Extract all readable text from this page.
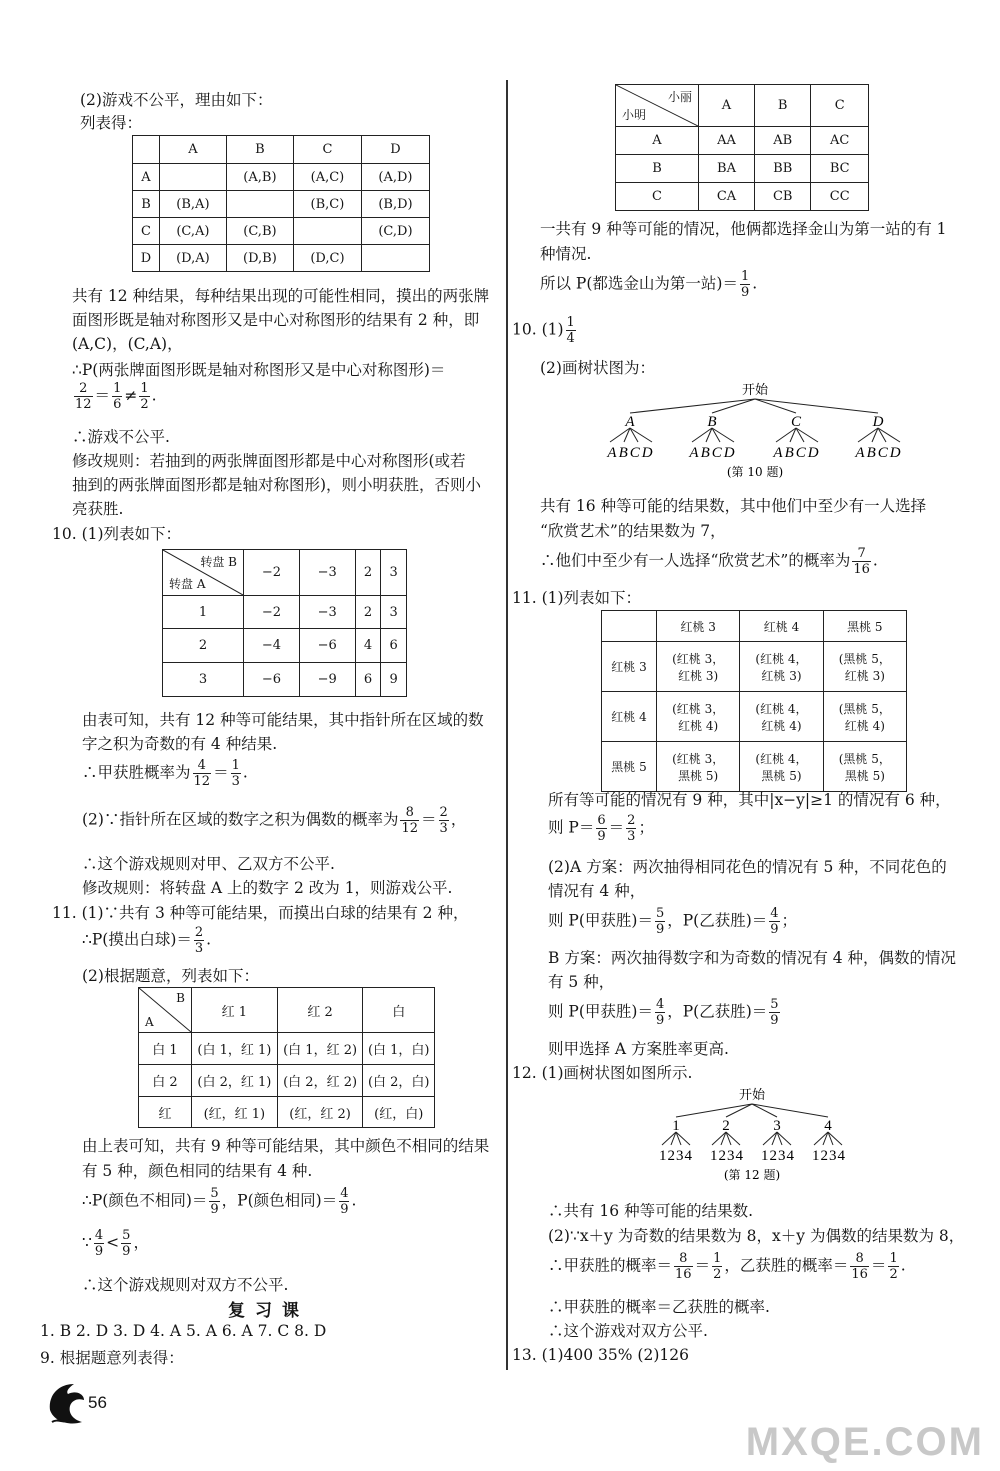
(2)游戏不公平，理由如下：
列表得：
	A	B	C	D
A		(A,B)	(A,C)	(A,D)
B	(B,A)		(B,C)	(B,D)
C	(C,A)	(C,B)		(C,D)
D	(D,A)	(D,B)	(D,C)	
共有 12 种结果，每种结果出现的可能性相同，摸出的两张牌
面图形既是轴对称图形又是中心对称图形的结果有 2 种，即
(A,C)，(C,A)，
∴P(两张牌面图形既是轴对称图形又是中心对称图形)＝
$\frac{2}{12} = \frac{1}{6} \ne \frac{1}{2}$ .
∴游戏不公平.
修改规则：若抽到的两张牌面图形都是中心对称图形(或若
抽到的两张牌面图形都是轴对称图形)，则小明获胜，否则小
亮获胜.
10. (1)列表如下：
转盘 B
转盘 A	−2	−3	2	3
1	−2	−3	2	3
2	−4	−6	4	6
3	−6	−9	6	9
由表可知，共有 12 种等可能结果，其中指针所在区域的数
字之积为奇数的有 4 种结果.
∴甲获胜概率为 $\frac{4}{12} = \frac{1}{3}$ .
(2)∵指针所在区域的数字之积为偶数的概率为 $\frac{8}{12} = \frac{2}{3}$ ，
∴这个游戏规则对甲、乙双方不公平.
修改规则：将转盘 A 上的数字 2 改为 1，则游戏公平.
11. (1)∵共有 3 种等可能结果，而摸出白球的结果有 2 种，
∴P(摸出白球)＝ $\frac{2}{3}$ .
(2)根据题意，列表如下：
B
A	红 1	红 2	白
白 1	(白 1，红 1)	(白 1，红 2)	(白 1，白)
白 2	(白 2，红 1)	(白 2，红 2)	(白 2，白)
红	(红，红 1)	(红，红 2)	(红，白)
由上表可知，共有 9 种等可能结果，其中颜色不相同的结果
有 5 种，颜色相同的结果有 4 种.
∴P(颜色不相同)＝ $\frac{5}{9}$ ，P(颜色相同)＝ $\frac{4}{9}$ .
∵ $\frac{4}{9} < \frac{5}{9}$ ，
∴这个游戏规则对双方不公平.
复习课
1. B 2. D 3. D 4. A 5. A 6. A 7. C 8. D
9. 根据题意列表得：
小丽
小明	A	B	C
A	AA	AB	AC
B	BA	BB	BC
C	CA	CB	CC
一共有 9 种等可能的情况，他俩都选择金山为第一站的有 1
种情况.
所以 P(都选金山为第一站)＝ $\frac{1}{9}$ .
10. $(1) \frac{1}{4}$
(2)画树状图为：
开始
A	B	C	D
ABCD ABCD ABCD ABCD
(第 10 题)
共有 16 种等可能的结果数，其中他们中至少有一人选择
“欣赏艺术”的结果数为 7，
∴他们中至少有一人选择“欣赏艺术”的概率为 $\frac{7}{16}$ .
11. (1)列表如下：
	红桃 3	红桃 4	黑桃 5
红桃 3	(红桃 3，红桃 3)	(红桃 4，红桃 3)	(黑桃 5，红桃 3)
红桃 4	(红桃 3，红桃 4)	(红桃 4，红桃 4)	(黑桃 5，红桃 4)
黑桃 5	(红桃 3，黑桃 5)	(红桃 4，黑桃 5)	(黑桃 5，黑桃 5)
所有等可能的情况有 9 种，其中|x−y|≥1 的情况有 6 种，
则 $P= \frac{6}{9} = \frac{2}{3}$ ；
(2)A 方案：两次抽得相同花色的情况有 5 种，不同花色的
情况有 4 种，
则 P(甲获胜)＝ $\frac{5}{9}$ ，P(乙获胜)＝ $\frac{4}{9}$ ；
B 方案：两次抽得数字和为奇数的情况有 4 种，偶数的情况
有 5 种，
则 P(甲获胜)＝ $\frac{4}{9}$ ，P(乙获胜)＝ $\frac{5}{9}$
则甲选择 A 方案胜率更高.
12. (1)画树状图如图所示.
开始
1	2	3	4
1234 1234 1234 1234
(第 12 题)
∴共有 16 种等可能的结果数.
(2)∵x＋y 为奇数的结果数为 8，x＋y 为偶数的结果数为 8，
∴甲获胜的概率＝ $\frac{8}{16} = \frac{1}{2}$ ，乙获胜的概率＝ $\frac{8}{16} = \frac{1}{2}$ .
∴甲获胜的概率＝乙获胜的概率.
∴这个游戏对双方公平.
13. (1)400 35% (2)126
56
MXQE.COM
